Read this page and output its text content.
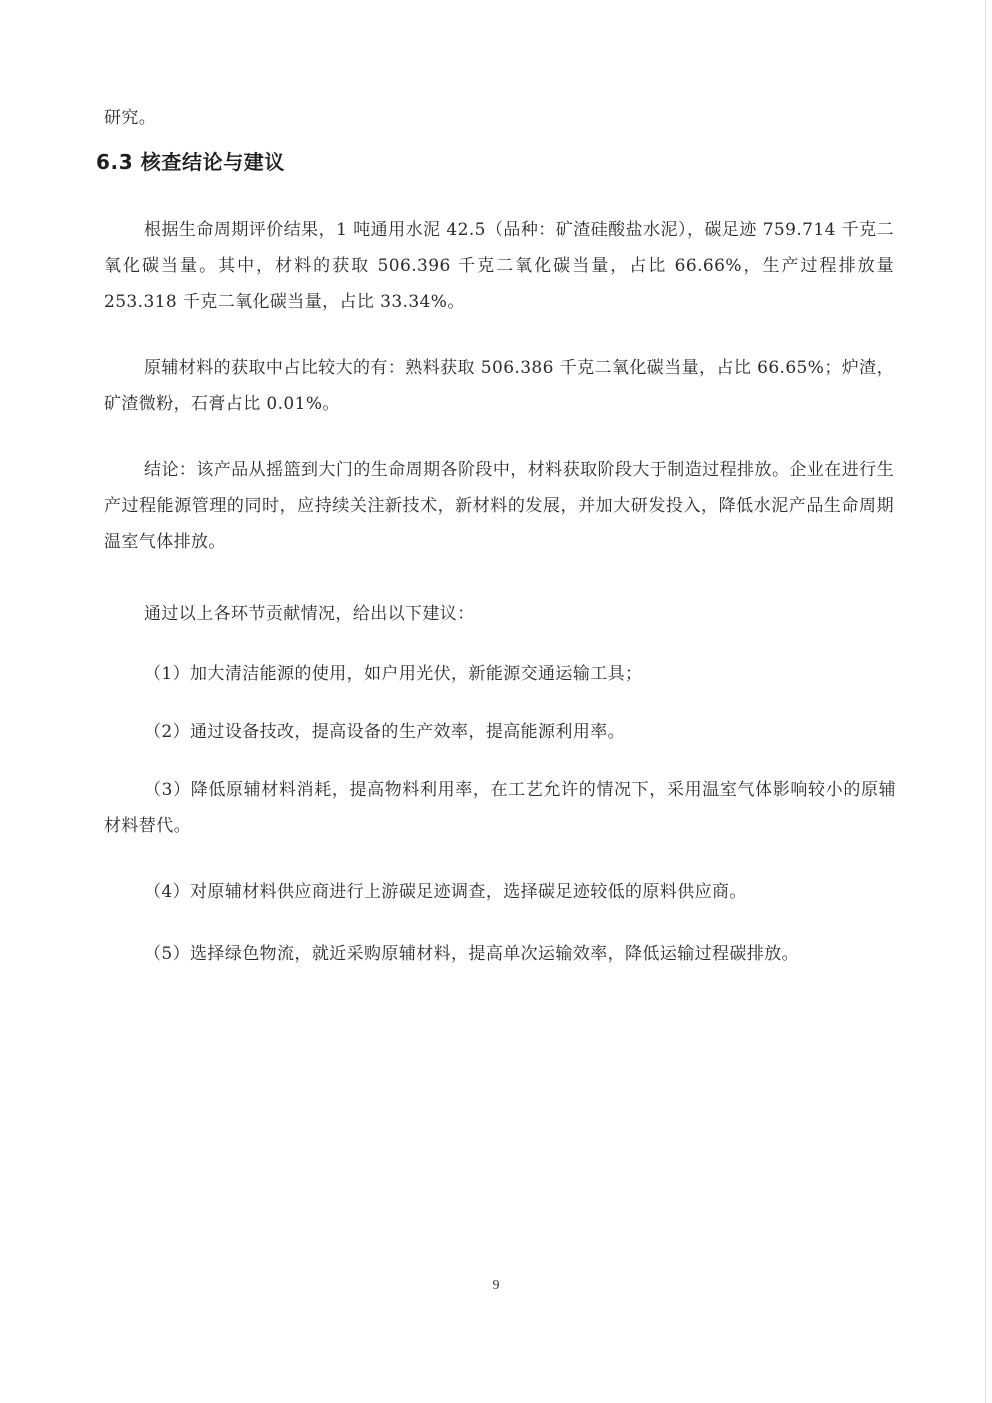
研究。
6.3 核查结论与建议
根据生命周期评价结果，1 吨通用水泥 42.5（品种：矿渣硅酸盐水泥），碳足迹 759.714 千克二氧化碳当量。其中，材料的获取 506.396 千克二氧化碳当量，占比 66.66%，生产过程排放量 253.318 千克二氧化碳当量，占比 33.34%。
原辅材料的获取中占比较大的有：熟料获取 506.386 千克二氧化碳当量，占比 66.65%；炉渣，矿渣微粉，石膏占比 0.01%。
结论：该产品从摇篮到大门的生命周期各阶段中，材料获取阶段大于制造过程排放。企业在进行生产过程能源管理的同时，应持续关注新技术，新材料的发展，并加大研发投入，降低水泥产品生命周期温室气体排放。
通过以上各环节贡献情况，给出以下建议：
（1）加大清洁能源的使用，如户用光伏，新能源交通运输工具；
（2）通过设备技改，提高设备的生产效率，提高能源利用率。
（3）降低原辅材料消耗，提高物料利用率，在工艺允许的情况下，采用温室气体影响较小的原辅材料替代。
（4）对原辅材料供应商进行上游碳足迹调查，选择碳足迹较低的原料供应商。
（5）选择绿色物流，就近采购原辅材料，提高单次运输效率，降低运输过程碳排放。
9
